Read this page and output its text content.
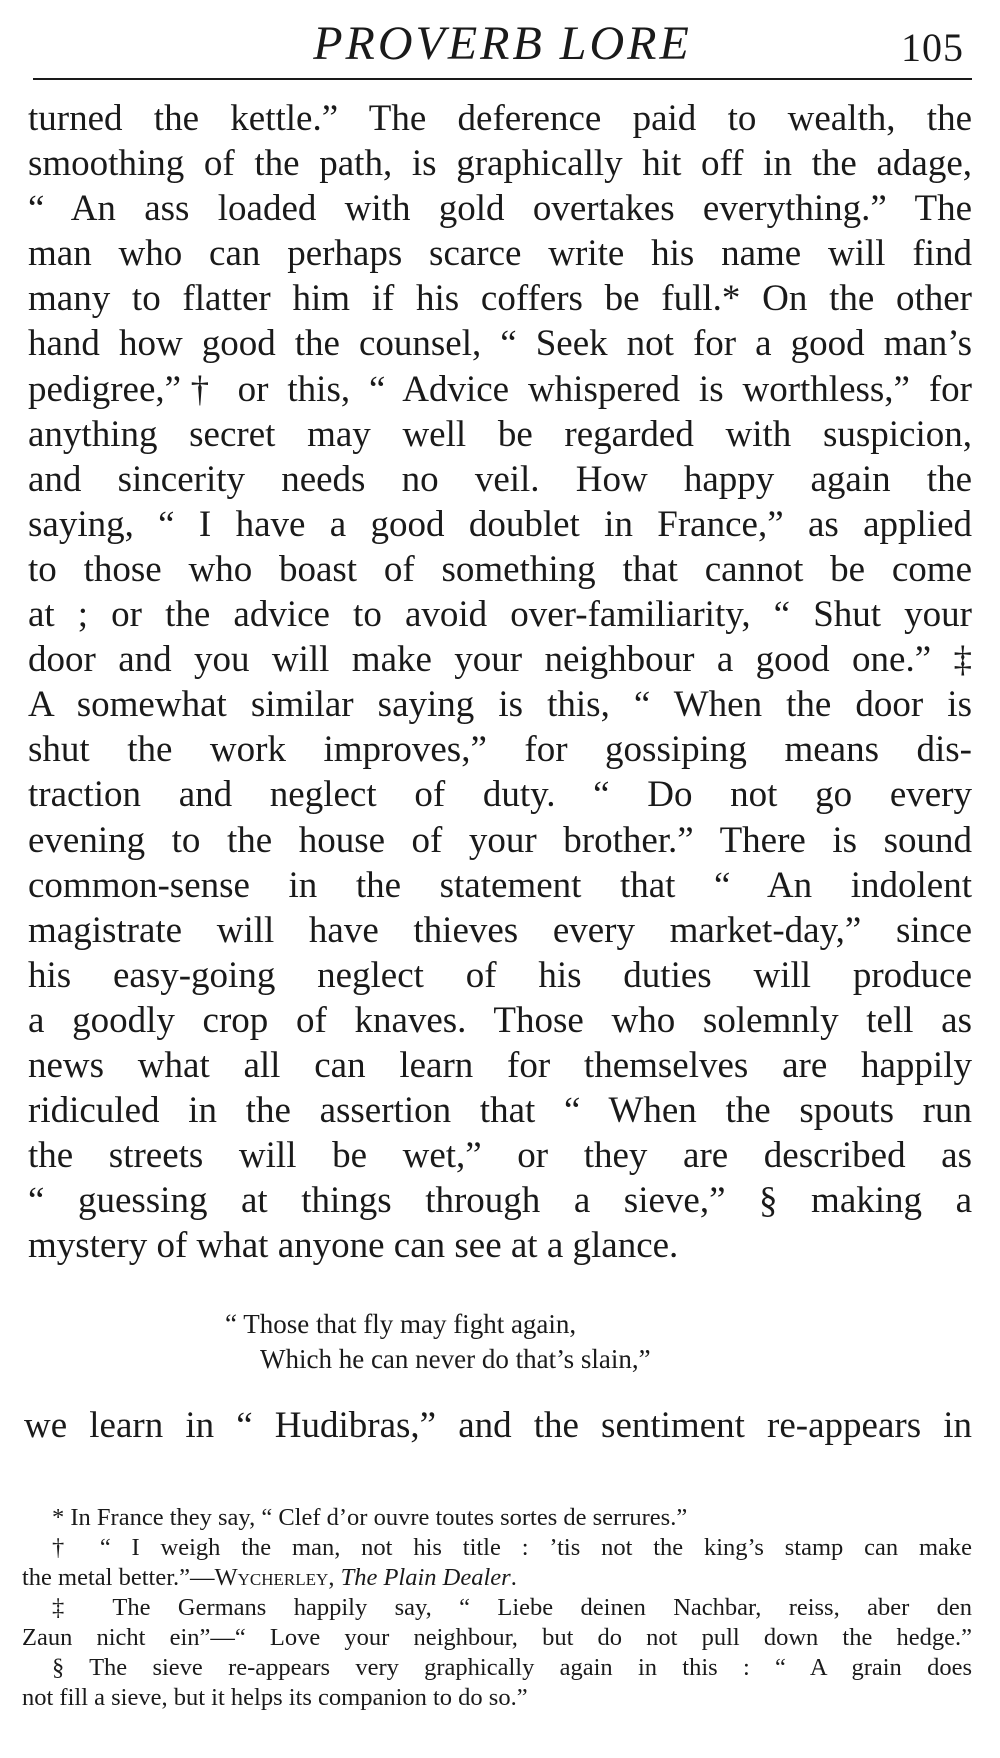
PROVERB LORE	105
turned the kettle.” The deference paid to wealth, the
smoothing of the path, is graphically hit off in the adage,
“ An ass loaded with gold overtakes everything.” The
man who can perhaps scarce write his name will find
many to flatter him if his coffers be full.* On the other
hand how good the counsel, “ Seek not for a good man’s
pedigree,”† or this, “ Advice whispered is worthless,” for
anything secret may well be regarded with suspicion,
and sincerity needs no veil. How happy again the
saying, “ I have a good doublet in France,” as applied
to those who boast of something that cannot be come
at ; or the advice to avoid over-familiarity, “ Shut your
door and you will make your neighbour a good one.” ‡
A somewhat similar saying is this, “ When the door is
shut the work improves,” for gossiping means dis-
traction and neglect of duty. “ Do not go every
evening to the house of your brother.” There is sound
common-sense in the statement that “ An indolent
magistrate will have thieves every market-day,” since
his easy-going neglect of his duties will produce
a goodly crop of knaves. Those who solemnly tell as
news what all can learn for themselves are happily
ridiculed in the assertion that “ When the spouts run
the streets will be wet,” or they are described as
“ guessing at things through a sieve,” § making a
mystery of what anyone can see at a glance.
“ Those that fly may fight again,
Which he can never do that’s slain,”
we learn in “ Hudibras,” and the sentiment re-appears in
* In France they say, “ Clef d’or ouvre toutes sortes de serrures.”
† “ I weigh the man, not his title : ’tis not the king’s stamp can make
the metal better.”—Wycherley, The Plain Dealer.
‡ The Germans happily say, “ Liebe deinen Nachbar, reiss, aber den
Zaun nicht ein”—“ Love your neighbour, but do not pull down the hedge.”
§ The sieve re-appears very graphically again in this : “ A grain does
not fill a sieve, but it helps its companion to do so.”
